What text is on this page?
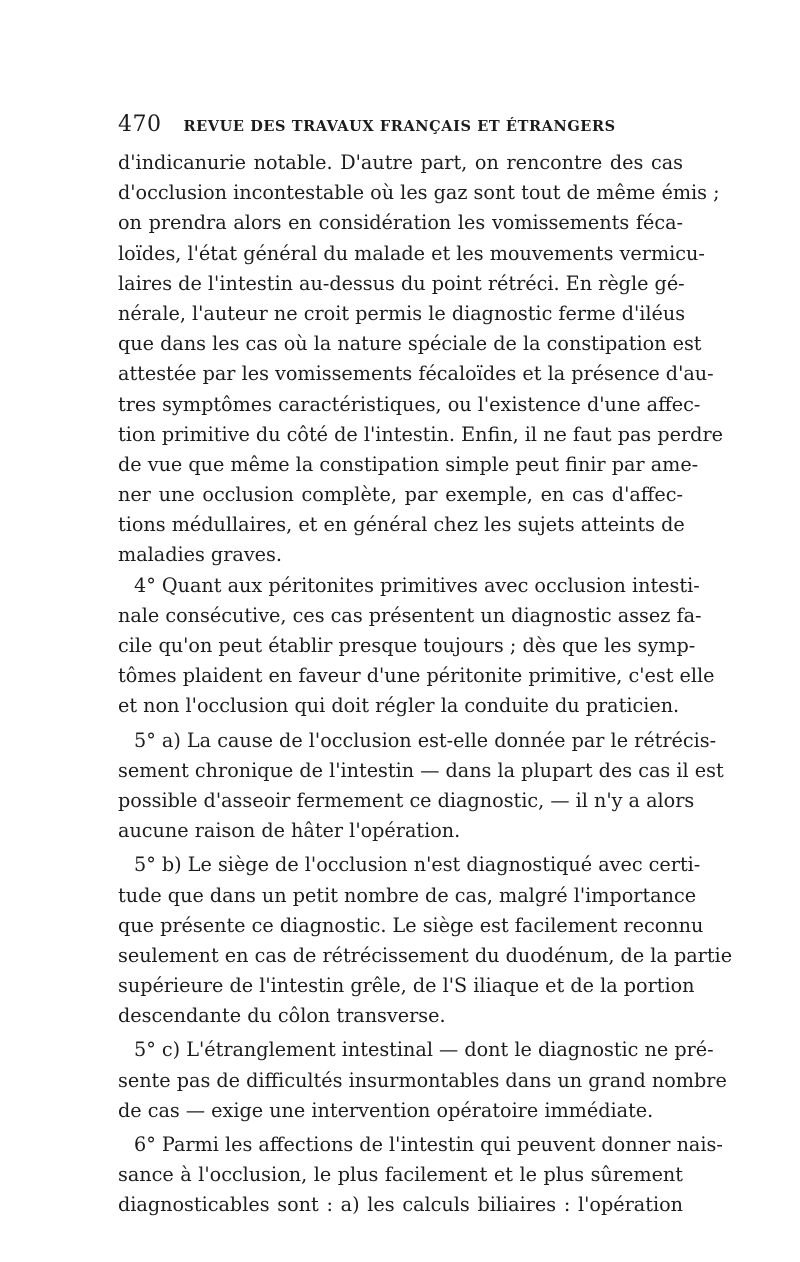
470 REVUE DES TRAVAUX FRANÇAIS ET ÉTRANGERS
d'indicanurie notable. D'autre part, on rencontre des cas
d'occlusion incontestable où les gaz sont tout de même émis ;
on prendra alors en considération les vomissements féca-
loïdes, l'état général du malade et les mouvements vermicu-
laires de l'intestin au-dessus du point rétréci. En règle gé-
nérale, l'auteur ne croit permis le diagnostic ferme d'iléus
que dans les cas où la nature spéciale de la constipation est
attestée par les vomissements fécaloïdes et la présence d'au-
tres symptômes caractéristiques, ou l'existence d'une affec-
tion primitive du côté de l'intestin. Enfin, il ne faut pas perdre
de vue que même la constipation simple peut finir par ame-
ner une occlusion complète, par exemple, en cas d'affec-
tions médullaires, et en général chez les sujets atteints de
maladies graves.
4° Quant aux péritonites primitives avec occlusion intesti-
nale consécutive, ces cas présentent un diagnostic assez fa-
cile qu'on peut établir presque toujours ; dès que les symp-
tômes plaident en faveur d'une péritonite primitive, c'est elle
et non l'occlusion qui doit régler la conduite du praticien.
5° a) La cause de l'occlusion est-elle donnée par le rétrécis-
sement chronique de l'intestin — dans la plupart des cas il est
possible d'asseoir fermement ce diagnostic, — il n'y a alors
aucune raison de hâter l'opération.
5° b) Le siège de l'occlusion n'est diagnostiqué avec certi-
tude que dans un petit nombre de cas, malgré l'importance
que présente ce diagnostic. Le siège est facilement reconnu
seulement en cas de rétrécissement du duodénum, de la partie
supérieure de l'intestin grêle, de l'S iliaque et de la portion
descendante du côlon transverse.
5° c) L'étranglement intestinal — dont le diagnostic ne pré-
sente pas de difficultés insurmontables dans un grand nombre
de cas — exige une intervention opératoire immédiate.
6° Parmi les affections de l'intestin qui peuvent donner nais-
sance à l'occlusion, le plus facilement et le plus sûrement
diagnosticables sont : a) les calculs biliaires : l'opération
